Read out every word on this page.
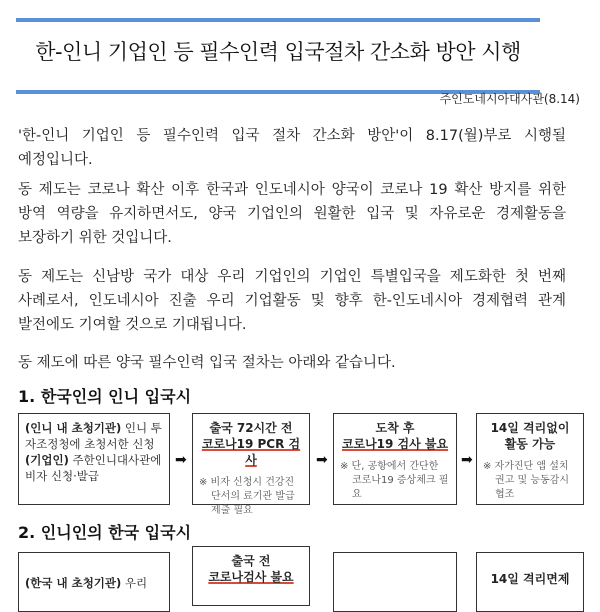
한-인니 기업인 등 필수인력 입국절차 간소화 방안 시행
주인도네시아대사관(8.14)
'한-인니 기업인 등 필수인력 입국 절차 간소화 방안'이 8.17(월)부로 시행될 예정입니다.
동 제도는 코로나 확산 이후 한국과 인도네시아 양국이 코로나 19 확산 방지를 위한 방역 역량을 유지하면서도, 양국 기업인의 원활한 입국 및 자유로운 경제활동을 보장하기 위한 것입니다.
동 제도는 신남방 국가 대상 우리 기업인의 기업인 특별입국을 제도화한 첫 번째 사례로서, 인도네시아 진출 우리 기업활동 및 향후 한-인도네시아 경제협력 관계 발전에도 기여할 것으로 기대됩니다.
동 제도에 따른 양국 필수인력 입국 절차는 아래와 같습니다.
1. 한국인의 인니 입국시
(인니 내 초청기관) 인니 투자조정청에 초청서한 신청
(기업인) 주한인니대사관에 비자 신청·발급
➡
출국 72시간 전
코로나19 PCR 검사
※ 비자 신청시 건강진단서의 료기관 발급 제출 필요
➡
도착 후
코로나19 검사 불요
※ 단, 공항에서 간단한 코로나19 증상체크 필요
➡
14일 격리없이
활동 가능
※ 자가진단 앱 설치 권고 및 능동감시 협조
2. 인니인의 한국 입국시
(한국 내 초청기관) 우리
출국 전
코로나검사 불요	14일 격리면제
